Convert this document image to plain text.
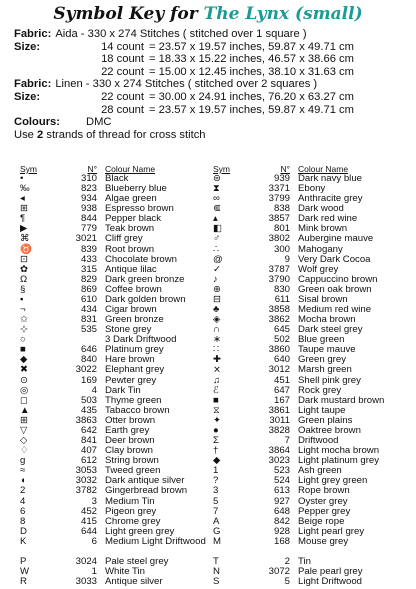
Symbol Key for The Lynx (small)
Fabric: Aida - 330 x 274 Stitches ( stitched over 1 square )
Size:	14 count = 23.57 x 19.57 inches, 59.87 x 49.71 cm
18 count = 18.33 x 15.22 inches, 46.57 x 38.66 cm
22 count = 15.00 x 12.45 inches, 38.10 x 31.63 cm
Fabric: Linen - 330 x 274 Stitches ( stitched over 2 squares )
Size:	22 count = 30.00 x 24.91 inches, 76.20 x 63.27 cm
28 count = 23.57 x 19.57 inches, 59.87 x 49.71 cm
Colours:	DMC
Use 2 strands of thread for cross stitch
Sym	N° Colour Name
•	310 Black
‰	823 Blueberry blue
◂	934 Algae green
⊞	938 Espresso brown
¶	844 Pepper black
▶	779 Teak brown
⌘	3021 Cliff grey
♉	839 Root brown
⊡	433 Chocolate brown
✿	315 Antique lilac
Ω	829 Dark green bronze
§	869 Coffee brown
▪	610 Dark golden brown
¬	434 Cigar brown
✩	831 Green bronze
⊹	535 Stone grey
○	3 Dark Driftwood
■	646 Platinum grey
◆	840 Hare brown
✖	3022 Elephant grey
⊙	169 Pewter grey
◎	4 Dark Tin
◻	503 Thyme green
▲	435 Tabacco brown
⊞	3863 Otter brown
▽	642 Earth grey
◇	841 Deer brown
♢	407 Clay brown
g	612 String brown
≈	3053 Tweed green
◖	3032 Dark antique silver
2	3782 Gingerbread brown
4	3 Medium Tin
6	452 Pigeon grey
8	415 Chrome grey
D	644 Light green grey
K	6 Medium Light Driftwood
P	3024 Pale steel grey
W	1 White Tin
R	3033 Antique silver
Sym	N° Colour Name
⊜	939 Dark navy blue
⧗	3371 Ebony
∞	3799 Anthracite grey
⋐	838 Dark wood
▴	3857 Dark red wine
◧	801 Mink brown
♂	3802 Aubergine mauve
∴	300 Mahogany
@	9 Very Dark Cocoa
✓	3787 Wolf grey
♪	3790 Cappuccino brown
⊕	830 Green oak brown
⊟	611 Sisal brown
♣	3858 Medium red wine
◈	3862 Mocha brown
∩	645 Dark steel grey
∗	502 Blue green
∷	3860 Taupe mauve
✚	640 Green grey
⨯	3012 Marsh green
♫	451 Shell pink grey
ℰ	647 Rock grey
■	167 Dark mustard brown
⧖	3861 Light taupe
✦	3011 Green plains
●	3828 Oaktree brown
Σ	7 Driftwood
†	3864 Light mocha brown
◆	3023 Light platinum grey
1	523 Ash green
?	524 Light grey green
3	613 Rope brown
5	927 Oyster grey
7	648 Pepper grey
A	842 Beige rope
G	928 Light pearl grey
M	168 Mouse grey
T	2 Tin
N	3072 Pale pearl grey
S	5 Light Driftwood
